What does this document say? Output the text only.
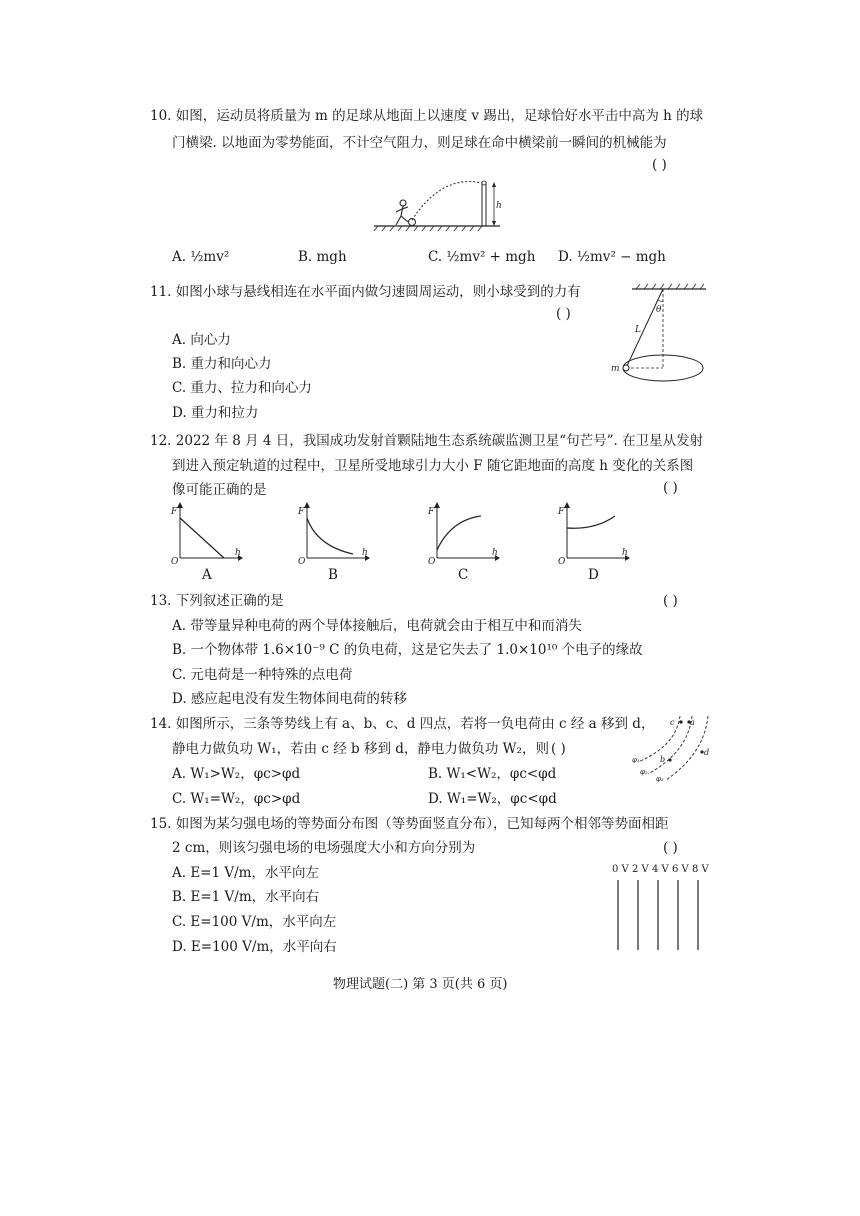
10. 如图，运动员将质量为 m 的足球从地面上以速度 v 踢出，足球恰好水平击中高为 h 的球
门横梁. 以地面为零势能面，不计空气阻力，则足球在命中横梁前一瞬间的机械能为
( )
h
A. ½mv²	B. mgh	C. ½mv² + mgh D. ½mv² − mgh
11. 如图小球与悬线相连在水平面内做匀速圆周运动，则小球受到的力有
( )
A. 向心力
B. 重力和向心力
C. 重力、拉力和向心力
D. 重力和拉力
θ
L
m
12. 2022 年 8 月 4 日，我国成功发射首颗陆地生态系统碳监测卫星“句芒号”. 在卫星从发射
到进入预定轨道的过程中，卫星所受地球引力大小 F 随它距地面的高度 h 变化的关系图
像可能正确的是	( )
F
O
h
A
F
O
h
B
F
O
h
C
F
O
h
D
13. 下列叙述正确的是	( )
A. 带等量异种电荷的两个导体接触后，电荷就会由于相互中和而消失
B. 一个物体带 1.6×10⁻⁹ C 的负电荷，这是它失去了 1.0×10¹⁰ 个电子的缘故
C. 元电荷是一种特殊的点电荷
D. 感应起电没有发生物体间电荷的转移
14. 如图所示，三条等势线上有 a、b、c、d 四点，若将一负电荷由 c 经 a 移到 d，
静电力做负功 W₁，若由 c 经 b 移到 d，静电力做负功 W₂，则 ( )
A. W₁>W₂，φc>φd	B. W₁<W₂，φc<φd
C. W₁=W₂，φc>φd	D. W₁=W₂，φc<φd
c a
b
d
φ₁
φ₂
φ₃
15. 如图为某匀强电场的等势面分布图（等势面竖直分布），已知每两个相邻等势面相距
2 cm，则该匀强电场的电场强度大小和方向分别为	( )
A. E=1 V/m，水平向左
B. E=1 V/m，水平向右
C. E=100 V/m，水平向左
D. E=100 V/m，水平向右
0 V 2 V 4 V 6 V 8 V
物理试题(二) 第 3 页(共 6 页)
